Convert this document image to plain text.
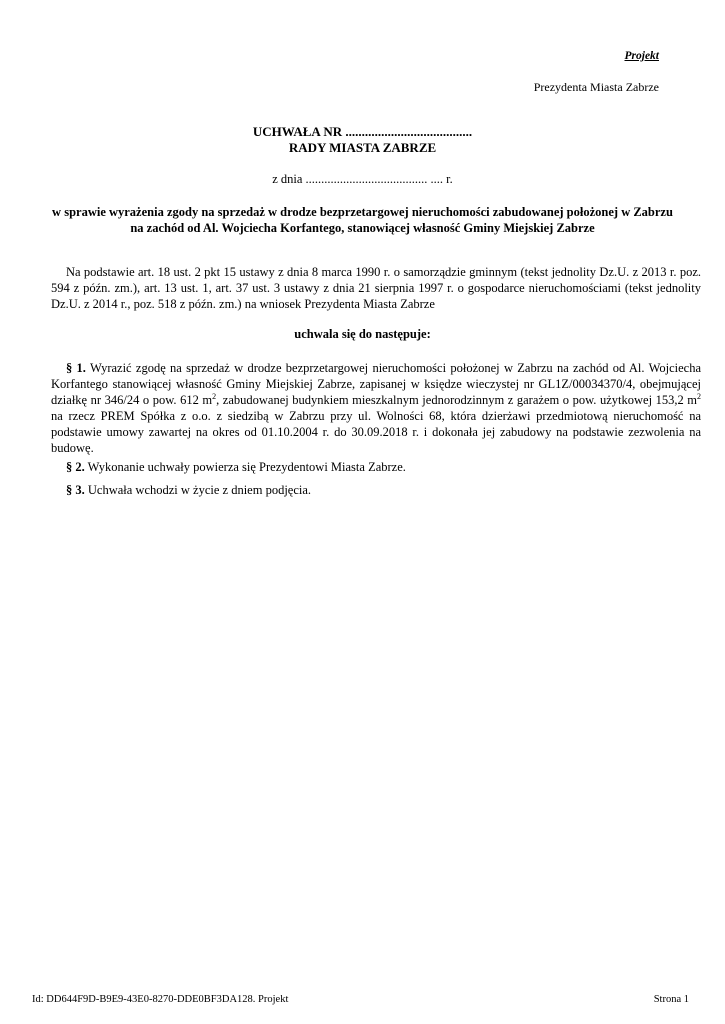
Projekt
Prezydenta Miasta Zabrze
UCHWAŁA NR .......................................
RADY MIASTA ZABRZE
z dnia ....................................... .... r.
w sprawie wyrażenia zgody na sprzedaż w drodze bezprzetargowej nieruchomości zabudowanej położonej w Zabrzu na zachód od Al. Wojciecha Korfantego, stanowiącej własność Gminy Miejskiej Zabrze

Na podstawie art. 18 ust. 2 pkt 15 ustawy z dnia 8 marca 1990 r. o samorządzie gminnym (tekst jednolity Dz.U. z 2013 r. poz. 594 z późn. zm.), art. 13 ust. 1, art. 37 ust. 3 ustawy z dnia 21 sierpnia 1997 r. o gospodarce nieruchomościami (tekst jednolity Dz.U. z 2014 r., poz. 518 z późn. zm.) na wniosek Prezydenta Miasta Zabrze

uchwala się do następuje:

§ 1. Wyrazić zgodę na sprzedaż w drodze bezprzetargowej nieruchomości położonej w Zabrzu na zachód od Al. Wojciecha Korfantego stanowiącej własność Gminy Miejskiej Zabrze, zapisanej w księdze wieczystej nr GL1Z/00034370/4, obejmującej działkę nr 346/24 o pow. 612 $m^2$, zabudowanej budynkiem mieszkalnym jednorodzinnym z garażem o pow. użytkowej 153,2 $m^2$ na rzecz PREM Spółka z o.o. z siedzibą w Zabrzu przy ul. Wolności 68, która dzierżawi przedmiotową nieruchomość na podstawie umowy zawartej na okres od 01.10.2004 r. do 30.09.2018 r. i dokonała jej zabudowy na podstawie zezwolenia na budowę.

§ 2. Wykonanie uchwały powierza się Prezydentowi Miasta Zabrze.

§ 3. Uchwała wchodzi w życie z dniem podjęcia.

Id: DD644F9D-B9E9-43E0-8270-DDE0BF3DA128. Projekt	Strona 1
